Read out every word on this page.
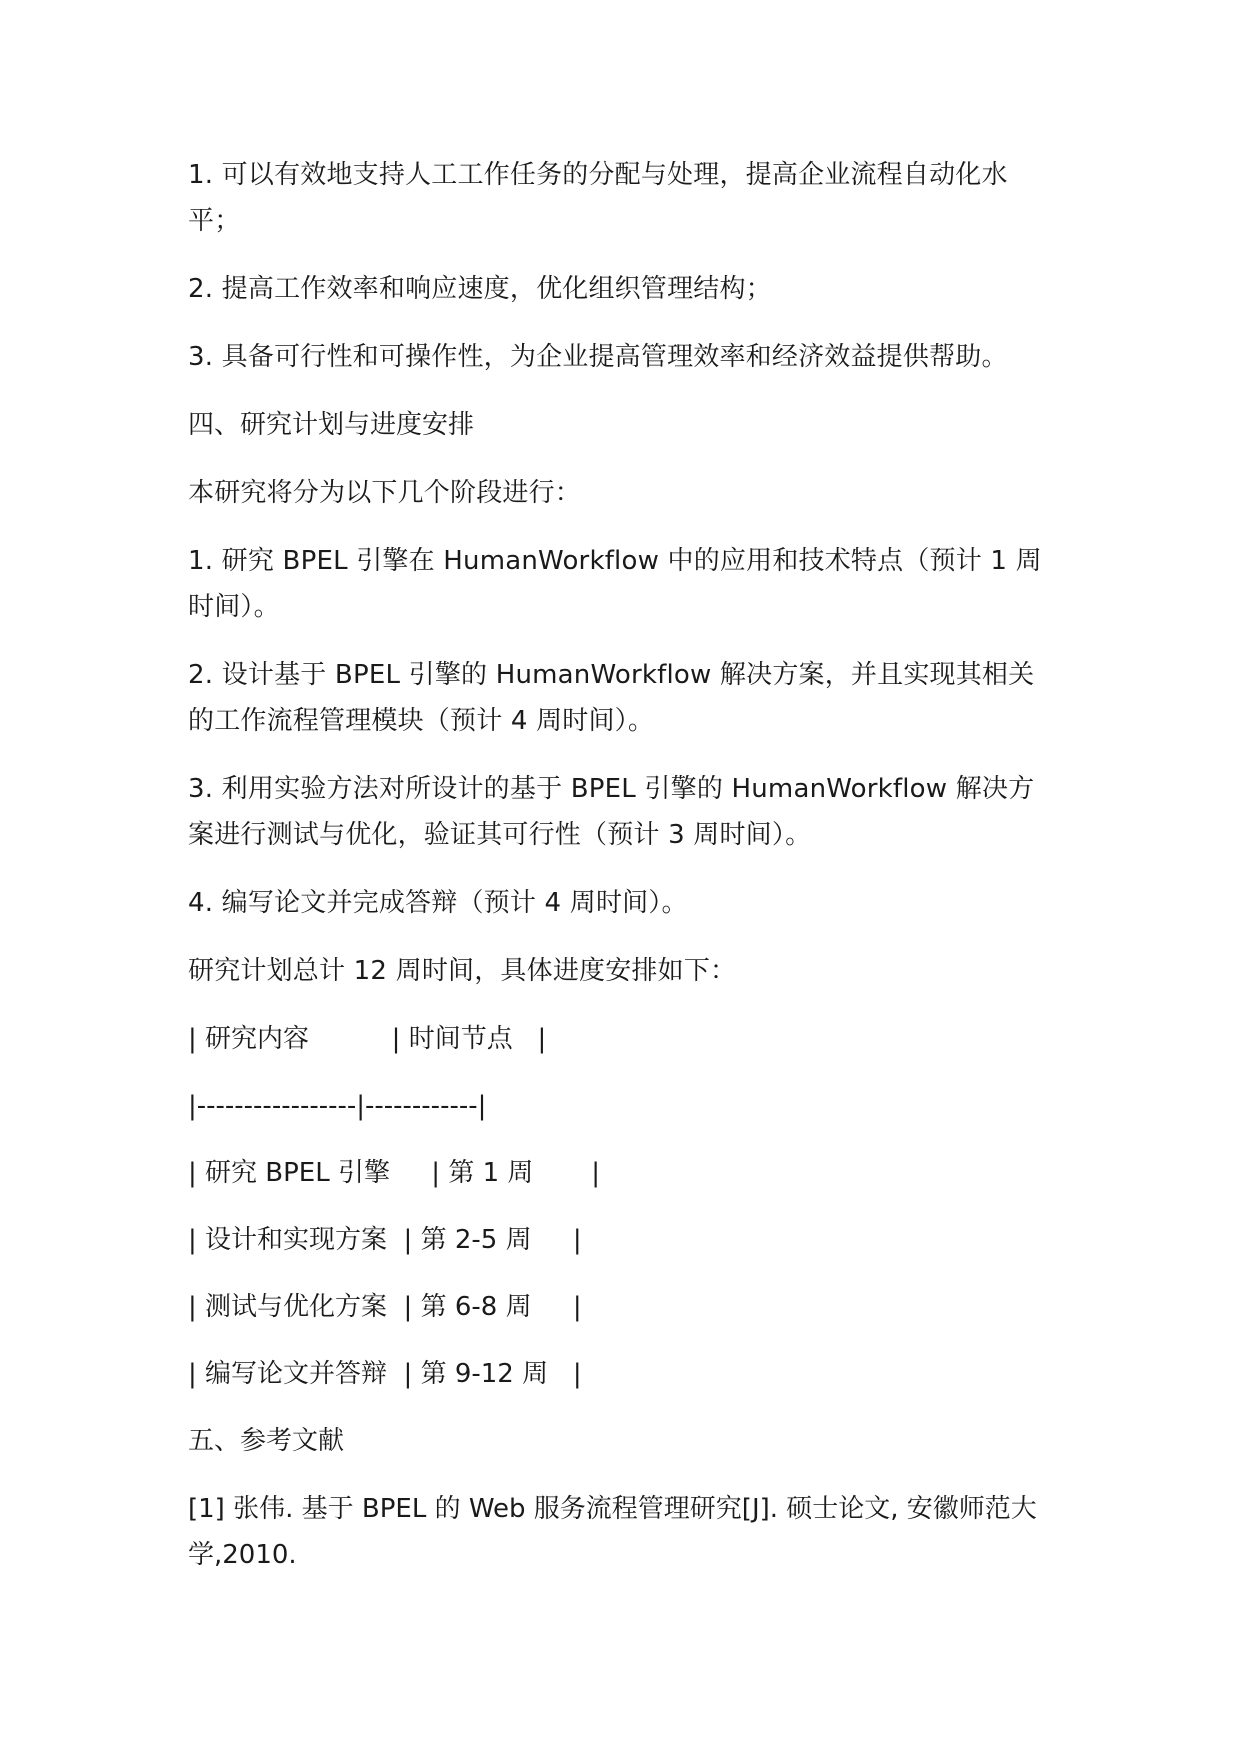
1. 可以有效地支持人工工作任务的分配与处理，提高企业流程自动化水平；

2. 提高工作效率和响应速度，优化组织管理结构；

3. 具备可行性和可操作性，为企业提高管理效率和经济效益提供帮助。

四、研究计划与进度安排

本研究将分为以下几个阶段进行：

1. 研究 BPEL 引擎在 HumanWorkflow 中的应用和技术特点（预计 1 周时间）。

2. 设计基于 BPEL 引擎的 HumanWorkflow 解决方案，并且实现其相关的工作流程管理模块（预计 4 周时间）。

3. 利用实验方法对所设计的基于 BPEL 引擎的 HumanWorkflow 解决方案进行测试与优化，验证其可行性（预计 3 周时间）。

4. 编写论文并完成答辩（预计 4 周时间）。

研究计划总计 12 周时间，具体进度安排如下：

| 研究内容          | 时间节点   |

|-----------------|------------|

| 研究 BPEL 引擎     | 第 1 周       |

| 设计和实现方案  | 第 2-5 周     |

| 测试与优化方案  | 第 6-8 周     |

| 编写论文并答辩  | 第 9-12 周   |

五、参考文献

[1] 张伟. 基于 BPEL 的 Web 服务流程管理研究[J]. 硕士论文, 安徽师范大学,2010.
